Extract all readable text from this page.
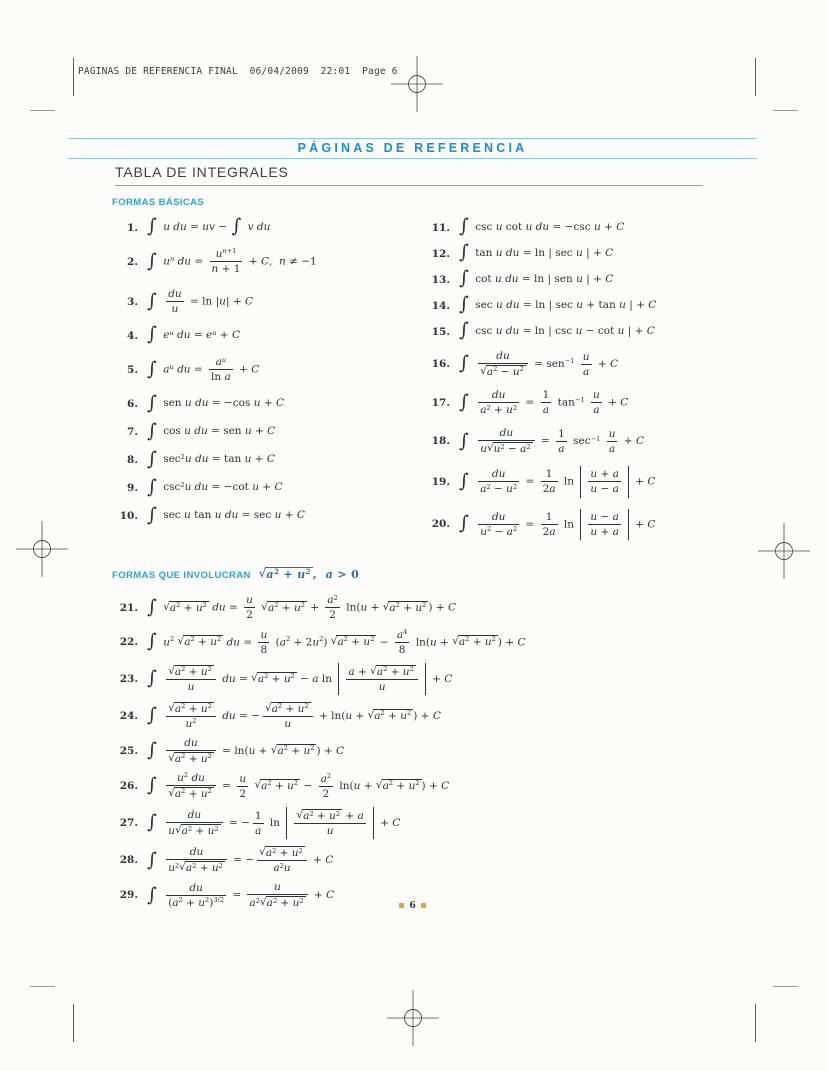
PAGINAS DE REFERENCIA FINAL  06/04/2009  22:01  Page 6
PÁGINAS DE REFERENCIA
TABLA DE INTEGRALES
FORMAS BÁSICAS
1. ∫ u du = uv − ∫ v du
2. ∫ un du = $\frac{un+1}{n + 1} + C$,  n ≠ −1
3. ∫ $\frac{du}{u} = \ln |u| + C$
4. ∫ eu du = eu + C
5. ∫ au du = $\frac{au}{\text{ln a}} + C$
6. ∫ sen u du = −cos u + C
7. ∫ cos u du = sen u + C
8. ∫ sec2u du = tan u + C
9. ∫ csc2u du = −cot u + C
10. ∫ sec u tan u du = sec u + C
11. ∫ csc u cot u du = −csc u + C
12. ∫ tan u du = ln | sec u | + C
13. ∫ cot u du = ln | sen u | + C
14. ∫ sec u du = ln | sec u + tan u | + C
15. ∫ csc u du = ln | csc u − cot u | + C
16. ∫ $\frac{du}{√a2 - u2} = sen-1 \frac{u}{a} + C$
17. ∫ $\frac{du}{a2 + u2} = \frac{1}{a} \tan-1 \frac{u}{a} + C$
18. ∫ $\frac{du}{u√u2 - a2} = \frac{1}{a} \sec-1 \frac{u}{a} + C$
19. ∫ $\frac{du}{a2 - u2} = \frac{1}{2a}$ $\ln \frac{u + a}{u - a} + C$
20. ∫ $\frac{du}{u2 - a2} = \frac{1}{2a}$ $\ln \frac{u - a}{u + a} + C$
FORMAS QUE INVOLUCRAN √a2 + u2 ,  a > 0
21. ∫ √a2 + u2 du = $\frac{u}{2} √a2 + u2 + \frac{a2}{2} \ln(u + √a2 + u2$ ) + C
22. ∫ u2 √a2 + u2 du = $\frac{u}{8} (a2 + 2u2) √a2 + u2 - \frac{a4}{8} \ln(u + √a2 + u2$ ) + C
23. ∫ $\frac{√a2 + u2}{u}$ du = √a2 + u2 − a $\ln \frac{a + √a2 + u2}{u} + C$
24. ∫ $\frac{√a2 + u2}{u2}$ du = − $\frac{√a2 + u2}{u} + \ln(u + √a2 + u2$ ) + C
25. ∫ $\frac{du}{√a2 + u2} = \ln(u + √a2 + u2$ ) + C
26. ∫ $\frac{u2 du}{√a2 + u2} = \frac{u}{2} √a2 + u2 - \frac{a2}{2} \ln(u + √a2 + u2$ ) + C
27. ∫ $\frac{du}{u√a2 + u2}$ = − $\frac{1}{a}$ $\ln \frac{√a2 + u2 + a}{u} + C$
28. ∫ $\frac{du}{u2√a2 + u2}$ = − $\frac{√a2 + u2}{a2u} + C$
29. ∫ $\frac{du}{(a2 + u2)3/2} = \frac{u}{a2√a2 + u2} + C$
6
